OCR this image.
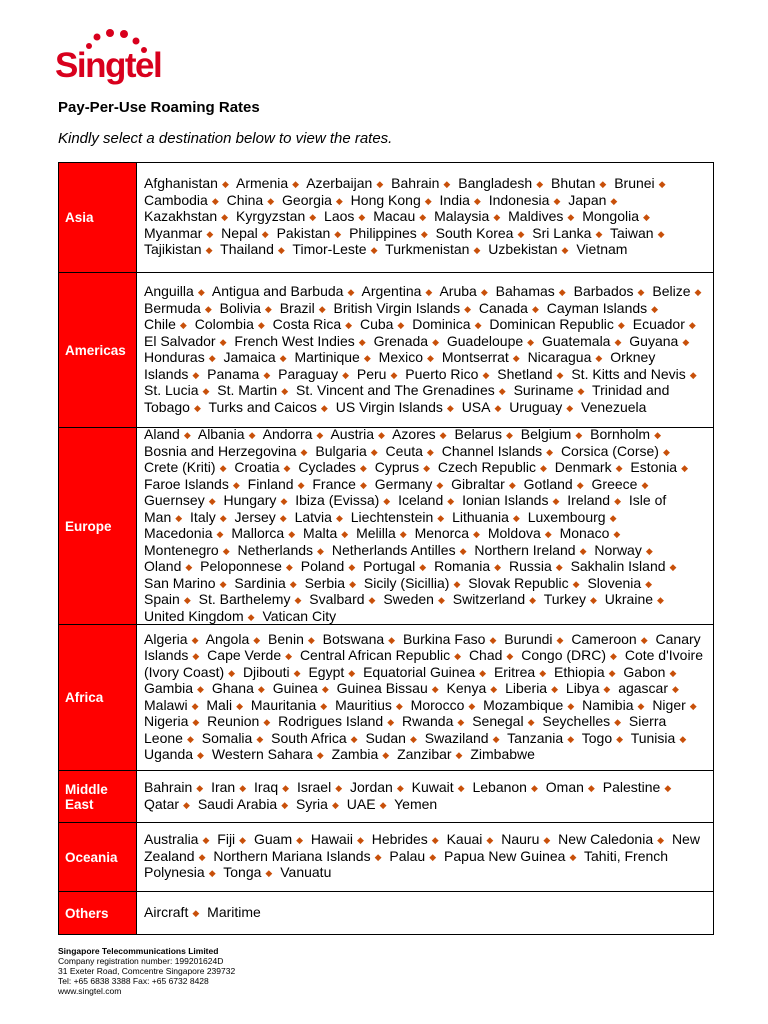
Singtel
Pay-Per-Use Roaming Rates

Kindly select a destination below to view the rates.

Asia
Afghanistan ◆ Armenia ◆ Azerbaijan ◆ Bahrain ◆ Bangladesh ◆ Bhutan ◆ Brunei ◆ Cambodia ◆ China ◆ Georgia ◆ Hong Kong ◆ India ◆ Indonesia ◆ Japan ◆ Kazakhstan ◆ Kyrgyzstan ◆ Laos ◆ Macau ◆ Malaysia ◆ Maldives ◆ Mongolia ◆ Myanmar ◆ Nepal ◆ Pakistan ◆ Philippines ◆ South Korea ◆ Sri Lanka ◆ Taiwan ◆ Tajikistan ◆ Thailand ◆ Timor-Leste ◆ Turkmenistan ◆ Uzbekistan ◆ Vietnam
Americas
Anguilla ◆ Antigua and Barbuda ◆ Argentina ◆ Aruba ◆ Bahamas ◆ Barbados ◆ Belize ◆ Bermuda ◆ Bolivia ◆ Brazil ◆ British Virgin Islands ◆ Canada ◆ Cayman Islands ◆ Chile ◆ Colombia ◆ Costa Rica ◆ Cuba ◆ Dominica ◆ Dominican Republic ◆ Ecuador ◆ El Salvador ◆ French West Indies ◆ Grenada ◆ Guadeloupe ◆ Guatemala ◆ Guyana ◆ Honduras ◆ Jamaica ◆ Martinique ◆ Mexico ◆ Montserrat ◆ Nicaragua ◆ Orkney Islands ◆ Panama ◆ Paraguay ◆ Peru ◆ Puerto Rico ◆ Shetland ◆ St. Kitts and Nevis ◆ St. Lucia ◆ St. Martin ◆ St. Vincent and The Grenadines ◆ Suriname ◆ Trinidad and Tobago ◆ Turks and Caicos ◆ US Virgin Islands ◆ USA ◆ Uruguay ◆ Venezuela
Europe
Aland ◆ Albania ◆ Andorra ◆ Austria ◆ Azores ◆ Belarus ◆ Belgium ◆ Bornholm ◆ Bosnia and Herzegovina ◆ Bulgaria ◆ Ceuta ◆ Channel Islands ◆ Corsica (Corse) ◆ Crete (Kriti) ◆ Croatia ◆ Cyclades ◆ Cyprus ◆ Czech Republic ◆ Denmark ◆ Estonia ◆ Faroe Islands ◆ Finland ◆ France ◆ Germany ◆ Gibraltar ◆ Gotland ◆ Greece ◆ Guernsey ◆ Hungary ◆ Ibiza (Evissa) ◆ Iceland ◆ Ionian Islands ◆ Ireland ◆ Isle of Man ◆ Italy ◆ Jersey ◆ Latvia ◆ Liechtenstein ◆ Lithuania ◆ Luxembourg ◆ Macedonia ◆ Mallorca ◆ Malta ◆ Melilla ◆ Menorca ◆ Moldova ◆ Monaco ◆ Montenegro ◆ Netherlands ◆ Netherlands Antilles ◆ Northern Ireland ◆ Norway ◆ Oland ◆ Peloponnese ◆ Poland ◆ Portugal ◆ Romania ◆ Russia ◆ Sakhalin Island ◆ San Marino ◆ Sardinia ◆ Serbia ◆ Sicily (Sicillia) ◆ Slovak Republic ◆ Slovenia ◆ Spain ◆ St. Barthelemy ◆ Svalbard ◆ Sweden ◆ Switzerland ◆ Turkey ◆ Ukraine ◆ United Kingdom ◆ Vatican City
Africa
Algeria ◆ Angola ◆ Benin ◆ Botswana ◆ Burkina Faso ◆ Burundi ◆ Cameroon ◆ Canary Islands ◆ Cape Verde ◆ Central African Republic ◆ Chad ◆ Congo (DRC) ◆ Cote d'Ivoire (Ivory Coast) ◆ Djibouti ◆ Egypt ◆ Equatorial Guinea ◆ Eritrea ◆ Ethiopia ◆ Gabon ◆ Gambia ◆ Ghana ◆ Guinea ◆ Guinea Bissau ◆ Kenya ◆ Liberia ◆ Libya ◆ agascar ◆ Malawi ◆ Mali ◆ Mauritania ◆ Mauritius ◆ Morocco ◆ Mozambique ◆ Namibia ◆ Niger ◆ Nigeria ◆ Reunion ◆ Rodrigues Island ◆ Rwanda ◆ Senegal ◆ Seychelles ◆ Sierra Leone ◆ Somalia ◆ South Africa ◆ Sudan ◆ Swaziland ◆ Tanzania ◆ Togo ◆ Tunisia ◆ Uganda ◆ Western Sahara ◆ Zambia ◆ Zanzibar ◆ Zimbabwe
Middle East
Bahrain ◆ Iran ◆ Iraq ◆ Israel ◆ Jordan ◆ Kuwait ◆ Lebanon ◆ Oman ◆ Palestine ◆ Qatar ◆ Saudi Arabia ◆ Syria ◆ UAE ◆ Yemen
Oceania
Australia ◆ Fiji ◆ Guam ◆ Hawaii ◆ Hebrides ◆ Kauai ◆ Nauru ◆ New Caledonia ◆ New Zealand ◆ Northern Mariana Islands ◆ Palau ◆ Papua New Guinea ◆ Tahiti, French Polynesia ◆ Tonga ◆ Vanuatu
Others	Aircraft ◆ Maritime
Singapore Telecommunications Limited
Company registration number: 199201624D
31 Exeter Road, Comcentre Singapore 239732
Tel: +65 6838 3388 Fax: +65 6732 8428
www.singtel.com
